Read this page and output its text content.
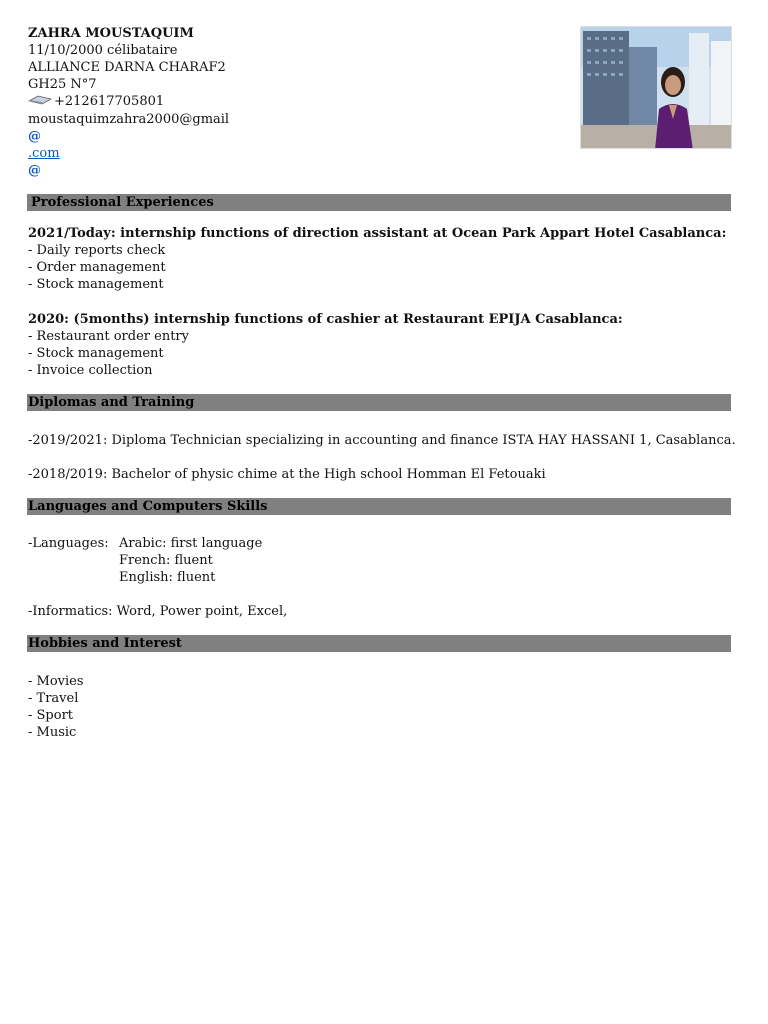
ZAHRA MOUSTAQUIM
11/10/2000 célibataire
ALLIANCE DARNA CHARAF2
GH25 N°7
+212617705801
moustaquimzahra2000@gmail
@
.com
@
Professional Experiences
2021/Today: internship functions of direction assistant at Ocean Park Appart Hotel Casablanca:
- Daily reports check
- Order management
- Stock management
2020: (5months) internship functions of cashier at Restaurant EPIJA Casablanca:
- Restaurant order entry
- Stock management
- Invoice collection
Diplomas and Training
-2019/2021: Diploma Technician specializing in accounting and finance ISTA HAY HASSANI 1, Casablanca.
-2018/2019: Bachelor of physic chime at the High school Homman El Fetouaki
Languages and Computers Skills
-Languages: Arabic: first language
French: fluent
English: fluent
-Informatics: Word, Power point, Excel,
Hobbies and Interest
- Movies
- Travel
- Sport
- Music
